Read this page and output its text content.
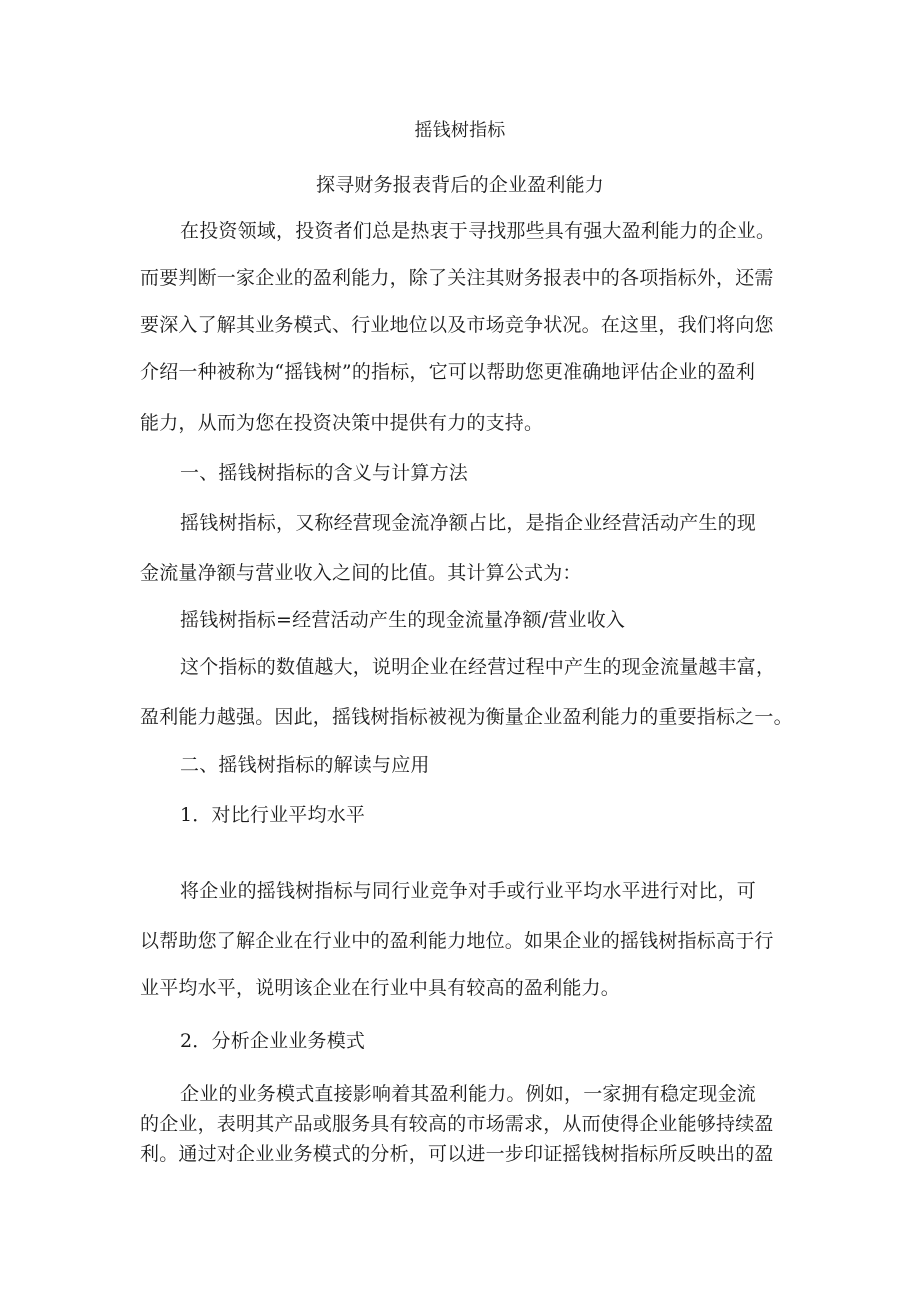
摇钱树指标
探寻财务报表背后的企业盈利能力
在投资领域，投资者们总是热衷于寻找那些具有强大盈利能力的企业。
而要判断一家企业的盈利能力，除了关注其财务报表中的各项指标外，还需
要深入了解其业务模式、行业地位以及市场竞争状况。在这里，我们将向您
介绍一种被称为“摇钱树”的指标，它可以帮助您更准确地评估企业的盈利
能力，从而为您在投资决策中提供有力的支持。
一、摇钱树指标的含义与计算方法
摇钱树指标，又称经营现金流净额占比，是指企业经营活动产生的现
金流量净额与营业收入之间的比值。其计算公式为：
摇钱树指标=经营活动产生的现金流量净额/营业收入
这个指标的数值越大，说明企业在经营过程中产生的现金流量越丰富，
盈利能力越强。因此，摇钱树指标被视为衡量企业盈利能力的重要指标之一。
二、摇钱树指标的解读与应用
1．对比行业平均水平
将企业的摇钱树指标与同行业竞争对手或行业平均水平进行对比，可
以帮助您了解企业在行业中的盈利能力地位。如果企业的摇钱树指标高于行
业平均水平，说明该企业在行业中具有较高的盈利能力。
2．分析企业业务模式
企业的业务模式直接影响着其盈利能力。例如，一家拥有稳定现金流
的企业，表明其产品或服务具有较高的市场需求，从而使得企业能够持续盈
利。通过对企业业务模式的分析，可以进一步印证摇钱树指标所反映出的盈
